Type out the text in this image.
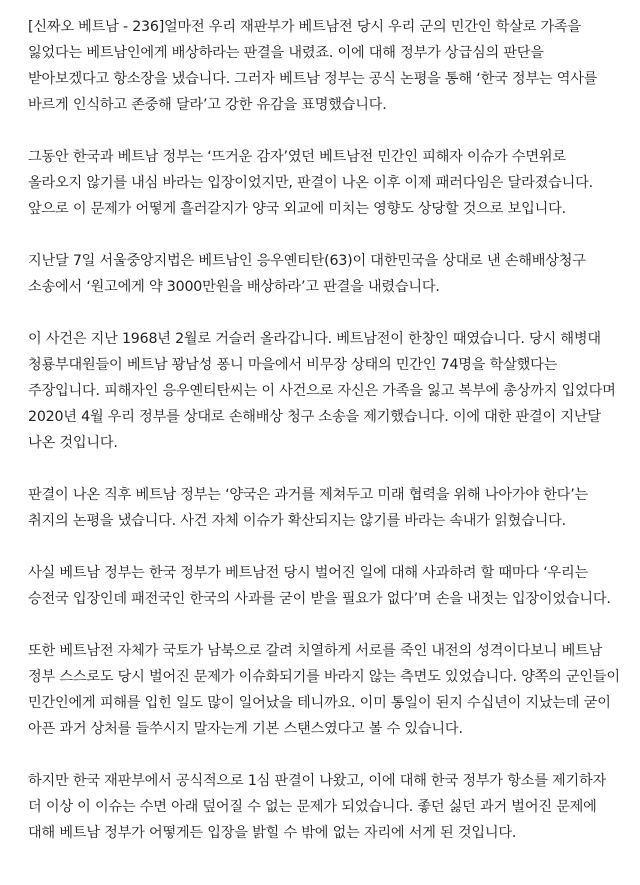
[신짜오 베트남 - 236]얼마전 우리 재판부가 베트남전 당시 우리 군의 민간인 학살로 가족을 잃었다는 베트남인에게 배상하라는 판결을 내렸죠. 이에 대해 정부가 상급심의 판단을 받아보겠다고 항소장을 냈습니다. 그러자 베트남 정부는 공식 논평을 통해 ‘한국 정부는 역사를 바르게 인식하고 존중해 달라’고 강한 유감을 표명했습니다.

그동안 한국과 베트남 정부는 ‘뜨거운 감자’였던 베트남전 민간인 피해자 이슈가 수면위로 올라오지 않기를 내심 바라는 입장이었지만, 판결이 나온 이후 이제 패러다임은 달라졌습니다. 앞으로 이 문제가 어떻게 흘러갈지가 양국 외교에 미치는 영향도 상당할 것으로 보입니다.

지난달 7일 서울중앙지법은 베트남인 응우옌티탄(63)이 대한민국을 상대로 낸 손해배상청구 소송에서 ‘원고에게 약 3000만원을 배상하라’고 판결을 내렸습니다.

이 사건은 지난 1968년 2월로 거슬러 올라갑니다. 베트남전이 한창인 때였습니다. 당시 해병대 청룡부대원들이 베트남 꽝남성 퐁니 마을에서 비무장 상태의 민간인 74명을 학살했다는 주장입니다. 피해자인 응우옌티탄씨는 이 사건으로 자신은 가족을 잃고 복부에 총상까지 입었다며 2020년 4월 우리 정부를 상대로 손해배상 청구 소송을 제기했습니다. 이에 대한 판결이 지난달 나온 것입니다.

판결이 나온 직후 베트남 정부는 ‘양국은 과거를 제쳐두고 미래 협력을 위해 나아가야 한다’는 취지의 논평을 냈습니다. 사건 자체 이슈가 확산되지는 않기를 바라는 속내가 읽혔습니다.

사실 베트남 정부는 한국 정부가 베트남전 당시 벌어진 일에 대해 사과하려 할 때마다 ‘우리는 승전국 입장인데 패전국인 한국의 사과를 굳이 받을 필요가 없다’며 손을 내젓는 입장이었습니다.

또한 베트남전 자체가 국토가 남북으로 갈려 치열하게 서로를 죽인 내전의 성격이다보니 베트남 정부 스스로도 당시 벌어진 문제가 이슈화되기를 바라지 않는 측면도 있었습니다. 양쪽의 군인들이 민간인에게 피해를 입힌 일도 많이 일어났을 테니까요. 이미 통일이 된지 수십년이 지났는데 굳이 아픈 과거 상처를 들쑤시지 말자는게 기본 스탠스였다고 볼 수 있습니다.

하지만 한국 재판부에서 공식적으로 1심 판결이 나왔고, 이에 대해 한국 정부가 항소를 제기하자 더 이상 이 이슈는 수면 아래 덮어질 수 없는 문제가 되었습니다. 좋던 싫던 과거 벌어진 문제에 대해 베트남 정부가 어떻게든 입장을 밝힐 수 밖에 없는 자리에 서게 된 것입니다.
